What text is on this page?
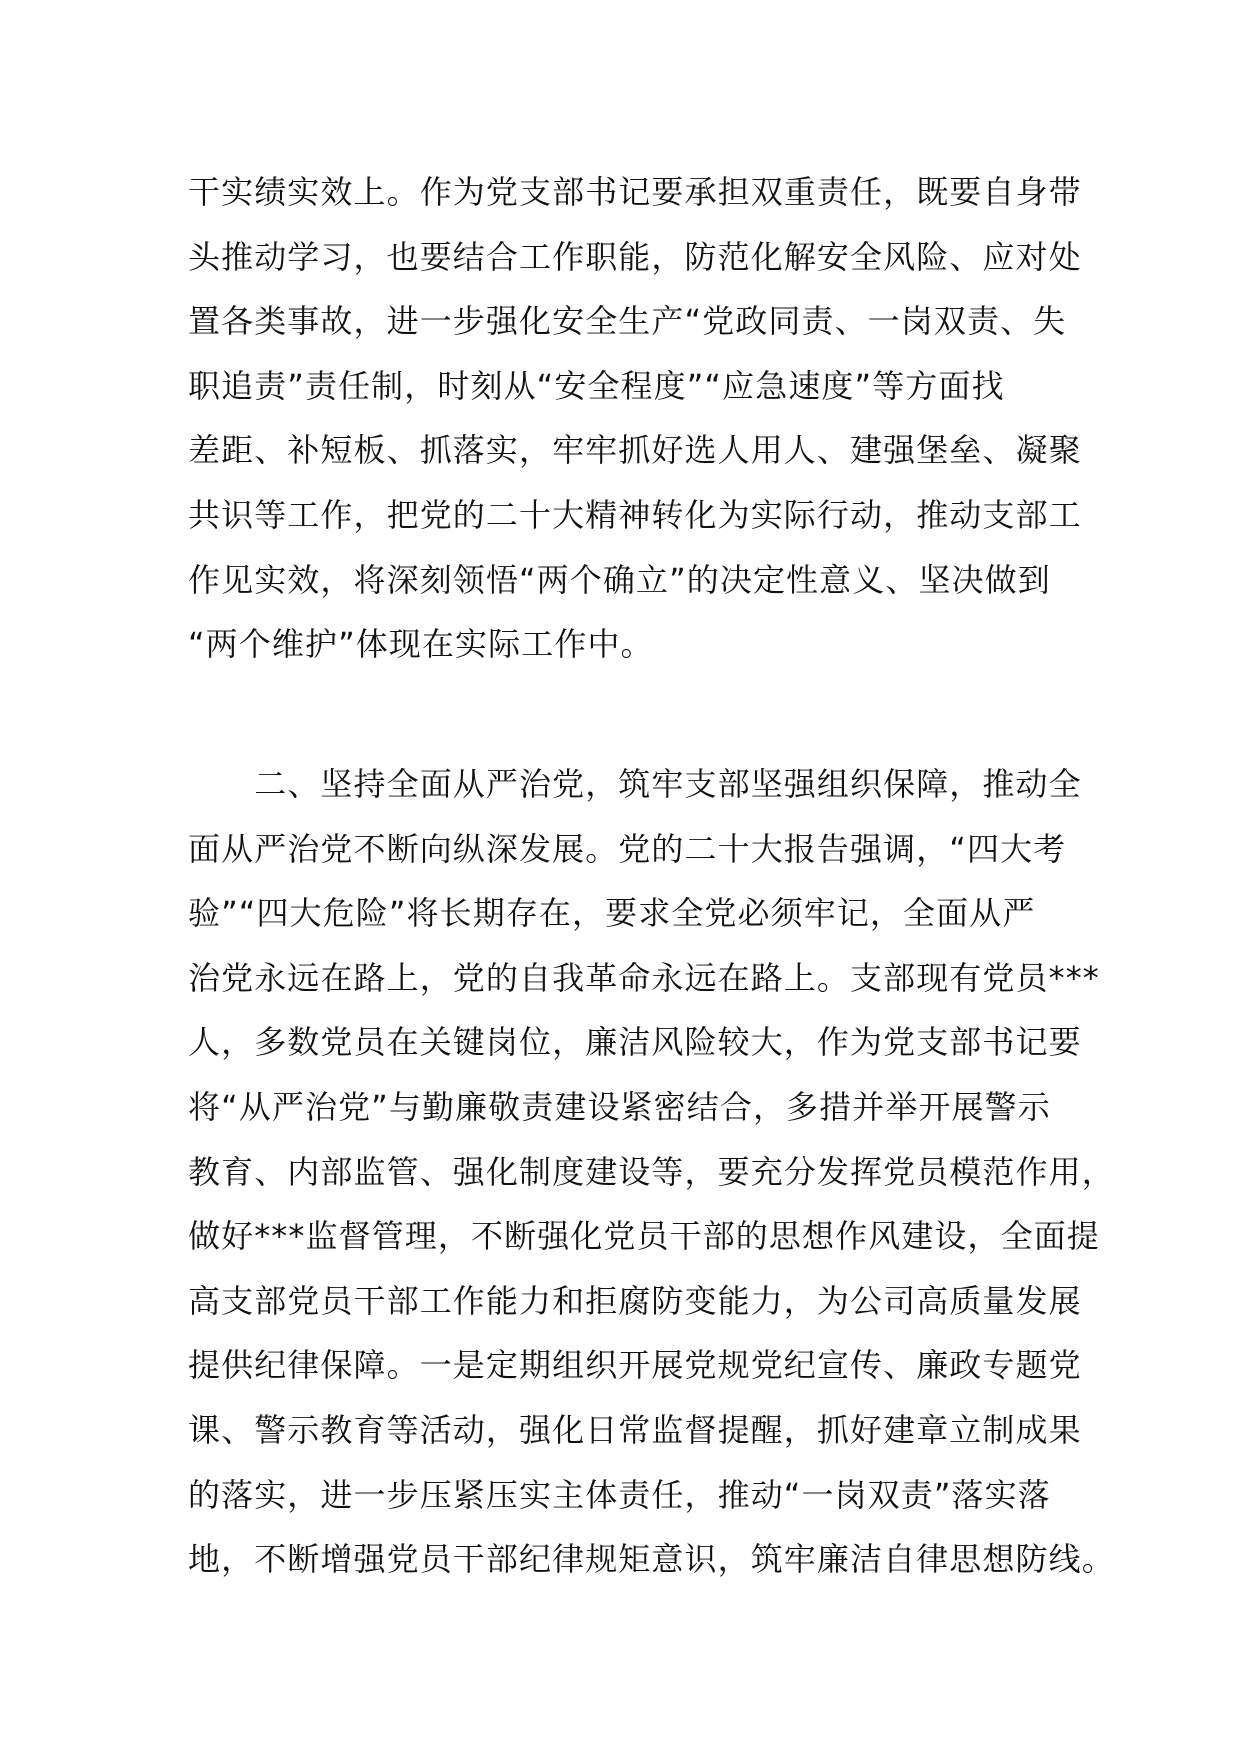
干实绩实效上。作为党支部书记要承担双重责任，既要自身带
头推动学习，也要结合工作职能，防范化解安全风险、应对处
置各类事故，进一步强化安全生产“党政同责、一岗双责、失
职追责”责任制，时刻从“安全程度”“应急速度”等方面找
差距、补短板、抓落实，牢牢抓好选人用人、建强堡垒、凝聚
共识等工作，把党的二十大精神转化为实际行动，推动支部工
作见实效，将深刻领悟“两个确立”的决定性意义、坚决做到
“两个维护”体现在实际工作中。

　　二、坚持全面从严治党，筑牢支部坚强组织保障，推动全
面从严治党不断向纵深发展。党的二十大报告强调，“四大考
验”“四大危险”将长期存在，要求全党必须牢记，全面从严
治党永远在路上，党的自我革命永远在路上。支部现有党员***
人，多数党员在关键岗位，廉洁风险较大，作为党支部书记要
将“从严治党”与勤廉敬责建设紧密结合，多措并举开展警示
教育、内部监管、强化制度建设等，要充分发挥党员模范作用，
做好***监督管理，不断强化党员干部的思想作风建设，全面提
高支部党员干部工作能力和拒腐防变能力，为公司高质量发展
提供纪律保障。一是定期组织开展党规党纪宣传、廉政专题党
课、警示教育等活动，强化日常监督提醒，抓好建章立制成果
的落实，进一步压紧压实主体责任，推动“一岗双责”落实落
地，不断增强党员干部纪律规矩意识，筑牢廉洁自律思想防线。
